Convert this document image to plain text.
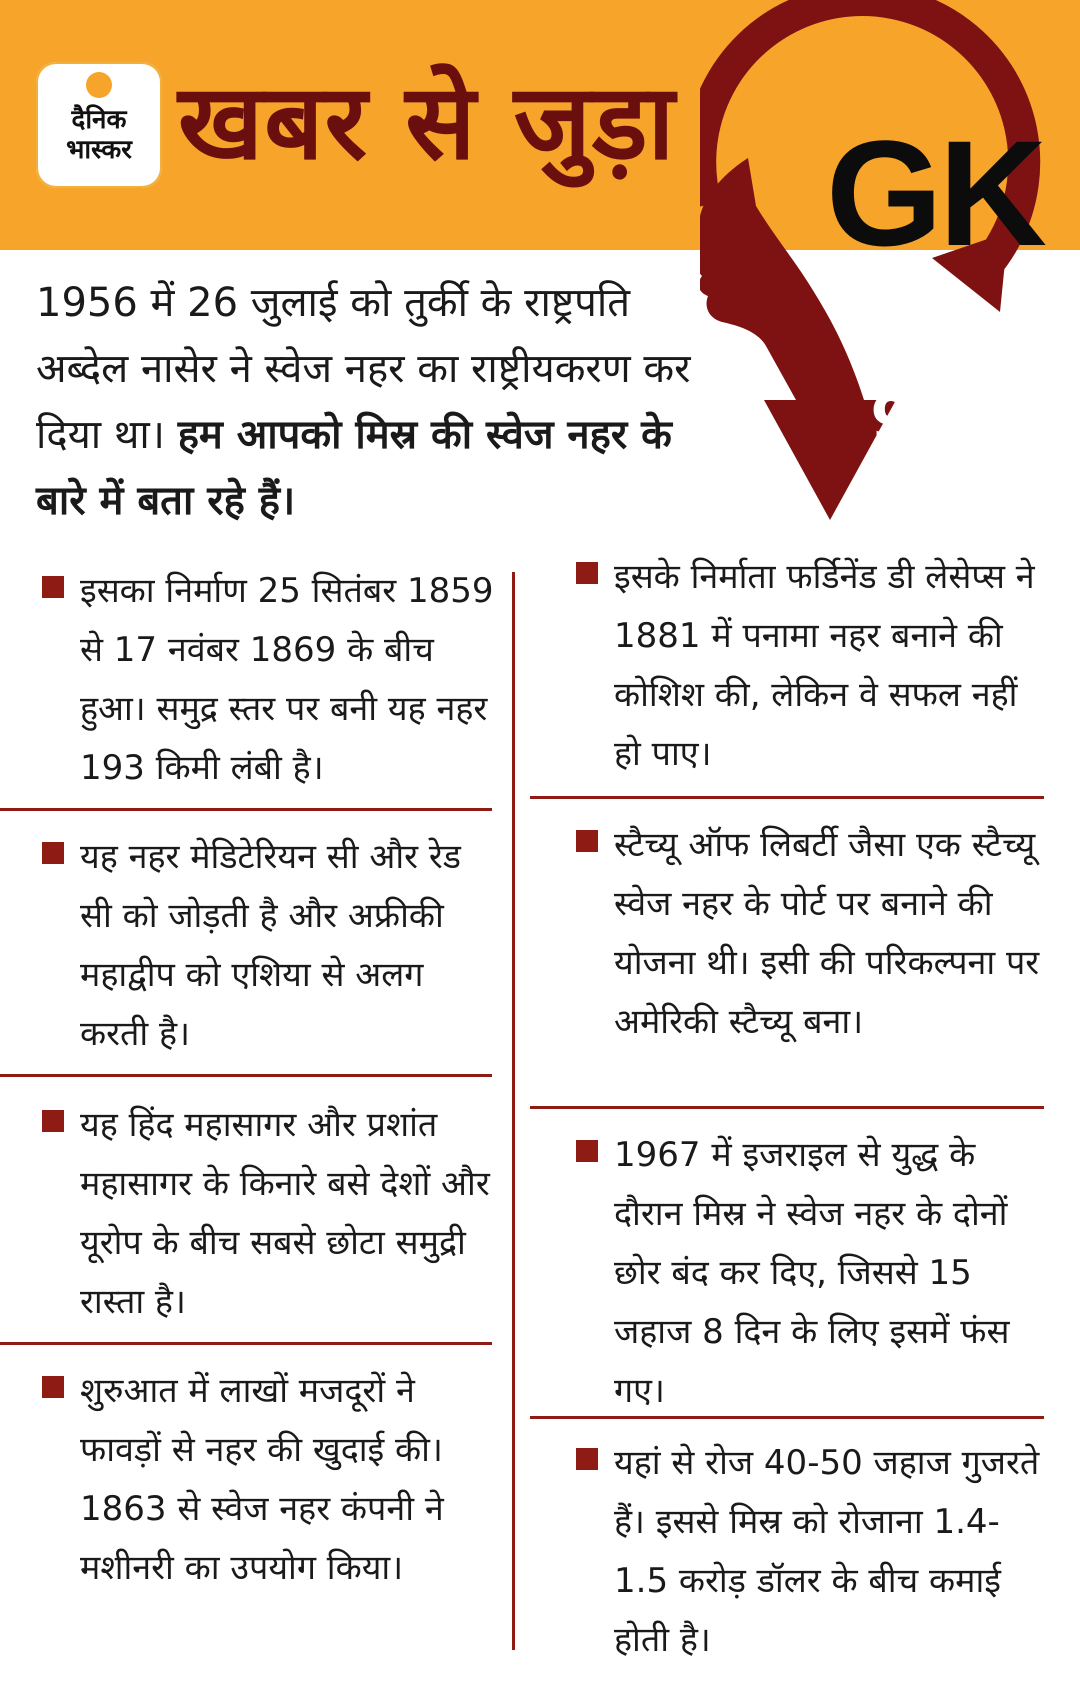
दैनिक
भास्कर खबर से जुड़ा GK
9
1956 में 26 जुलाई को तुर्की के राष्ट्रपति अब्देल नासेर ने स्वेज नहर का राष्ट्रीयकरण कर दिया था। हम आपको मिस्र की स्वेज नहर के बारे में बता रहे हैं।
इसका निर्माण 25 सितंबर 1859 से 17 नवंबर 1869 के बीच हुआ। समुद्र स्तर पर बनी यह नहर 193 किमी लंबी है।
यह नहर मेडिटेरियन सी और रेड सी को जोड़ती है और अफ्रीकी महाद्वीप को एशिया से अलग करती है।
यह हिंद महासागर और प्रशांत महासागर के किनारे बसे देशों और यूरोप के बीच सबसे छोटा समुद्री रास्ता है।
शुरुआत में लाखों मजदूरों ने फावड़ों से नहर की खुदाई की। 1863 से स्वेज नहर कंपनी ने मशीनरी का उपयोग किया।
इसके निर्माता फर्डिनेंड डी लेसेप्स ने 1881 में पनामा नहर बनाने की कोशिश की, लेकिन वे सफल नहीं हो पाए।
स्टैच्यू ऑफ लिबर्टी जैसा एक स्टैच्यू स्वेज नहर के पोर्ट पर बनाने की योजना थी। इसी की परिकल्पना पर अमेरिकी स्टैच्यू बना।
1967 में इजराइल से युद्ध के दौरान मिस्र ने स्वेज नहर के दोनों छोर बंद कर दिए, जिससे 15 जहाज 8 दिन के लिए इसमें फंस गए।
यहां से रोज 40-50 जहाज गुजरते हैं। इससे मिस्र को रोजाना 1.4-1.5 करोड़ डॉलर के बीच कमाई होती है।
